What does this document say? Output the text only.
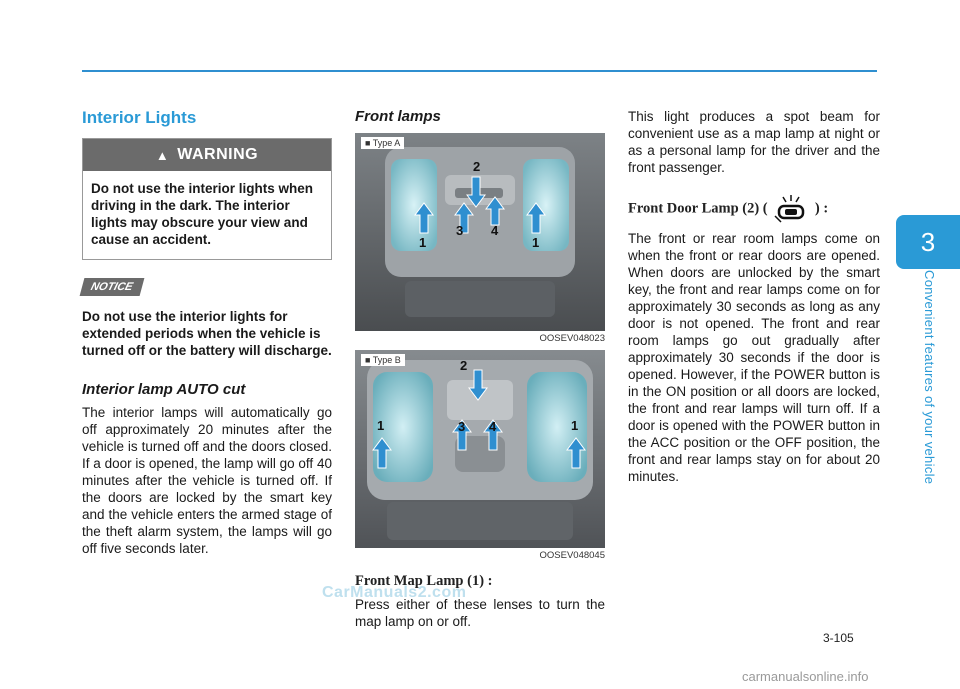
3
Convenient features of your vehicle
Interior Lights
▲ WARNING
Do not use the interior lights when driving in the dark. The interior lights may obscure your view and cause an accident.
NOTICE
Do not use the interior lights for extended periods when the vehicle is turned off or the battery will discharge.
Interior lamp AUTO cut

The interior lamps will automatically go off approximately 20 minutes after the vehicle is turned off and the doors closed. If a door is opened, the lamp will go off 40 minutes after the vehicle is turned off. If the doors are locked by the smart key and the vehicle enters the armed stage of the theft alarm system, the lamps will go off five seconds later.

Front lamps
1
2
3 4
1
■ Type A
OOSEV048023
1
2
3 4	1
■ Type B
OOSEV048045
Front Map Lamp (1) :

Press either of these lenses to turn the map lamp on or off.

This light produces a spot beam for convenient use as a map lamp at night or as a personal lamp for the driver and the front passenger.

Front Door Lamp (2) (	) :

The front or rear room lamps come on when the front or rear doors are opened. When doors are unlocked by the smart key, the front and rear lamps come on for approximately 30 seconds as long as any door is not opened. The front and rear room lamps go out gradually after approximately 30 seconds if the door is opened. However, if the POWER button is in the ON position or all doors are locked, the front and rear lamps will turn off. If a door is opened with the POWER button in the ACC position or the OFF position, the front and rear lamps stay on for about 20 minutes.

3-105
CarManuals2.com
carmanualsonline.info
